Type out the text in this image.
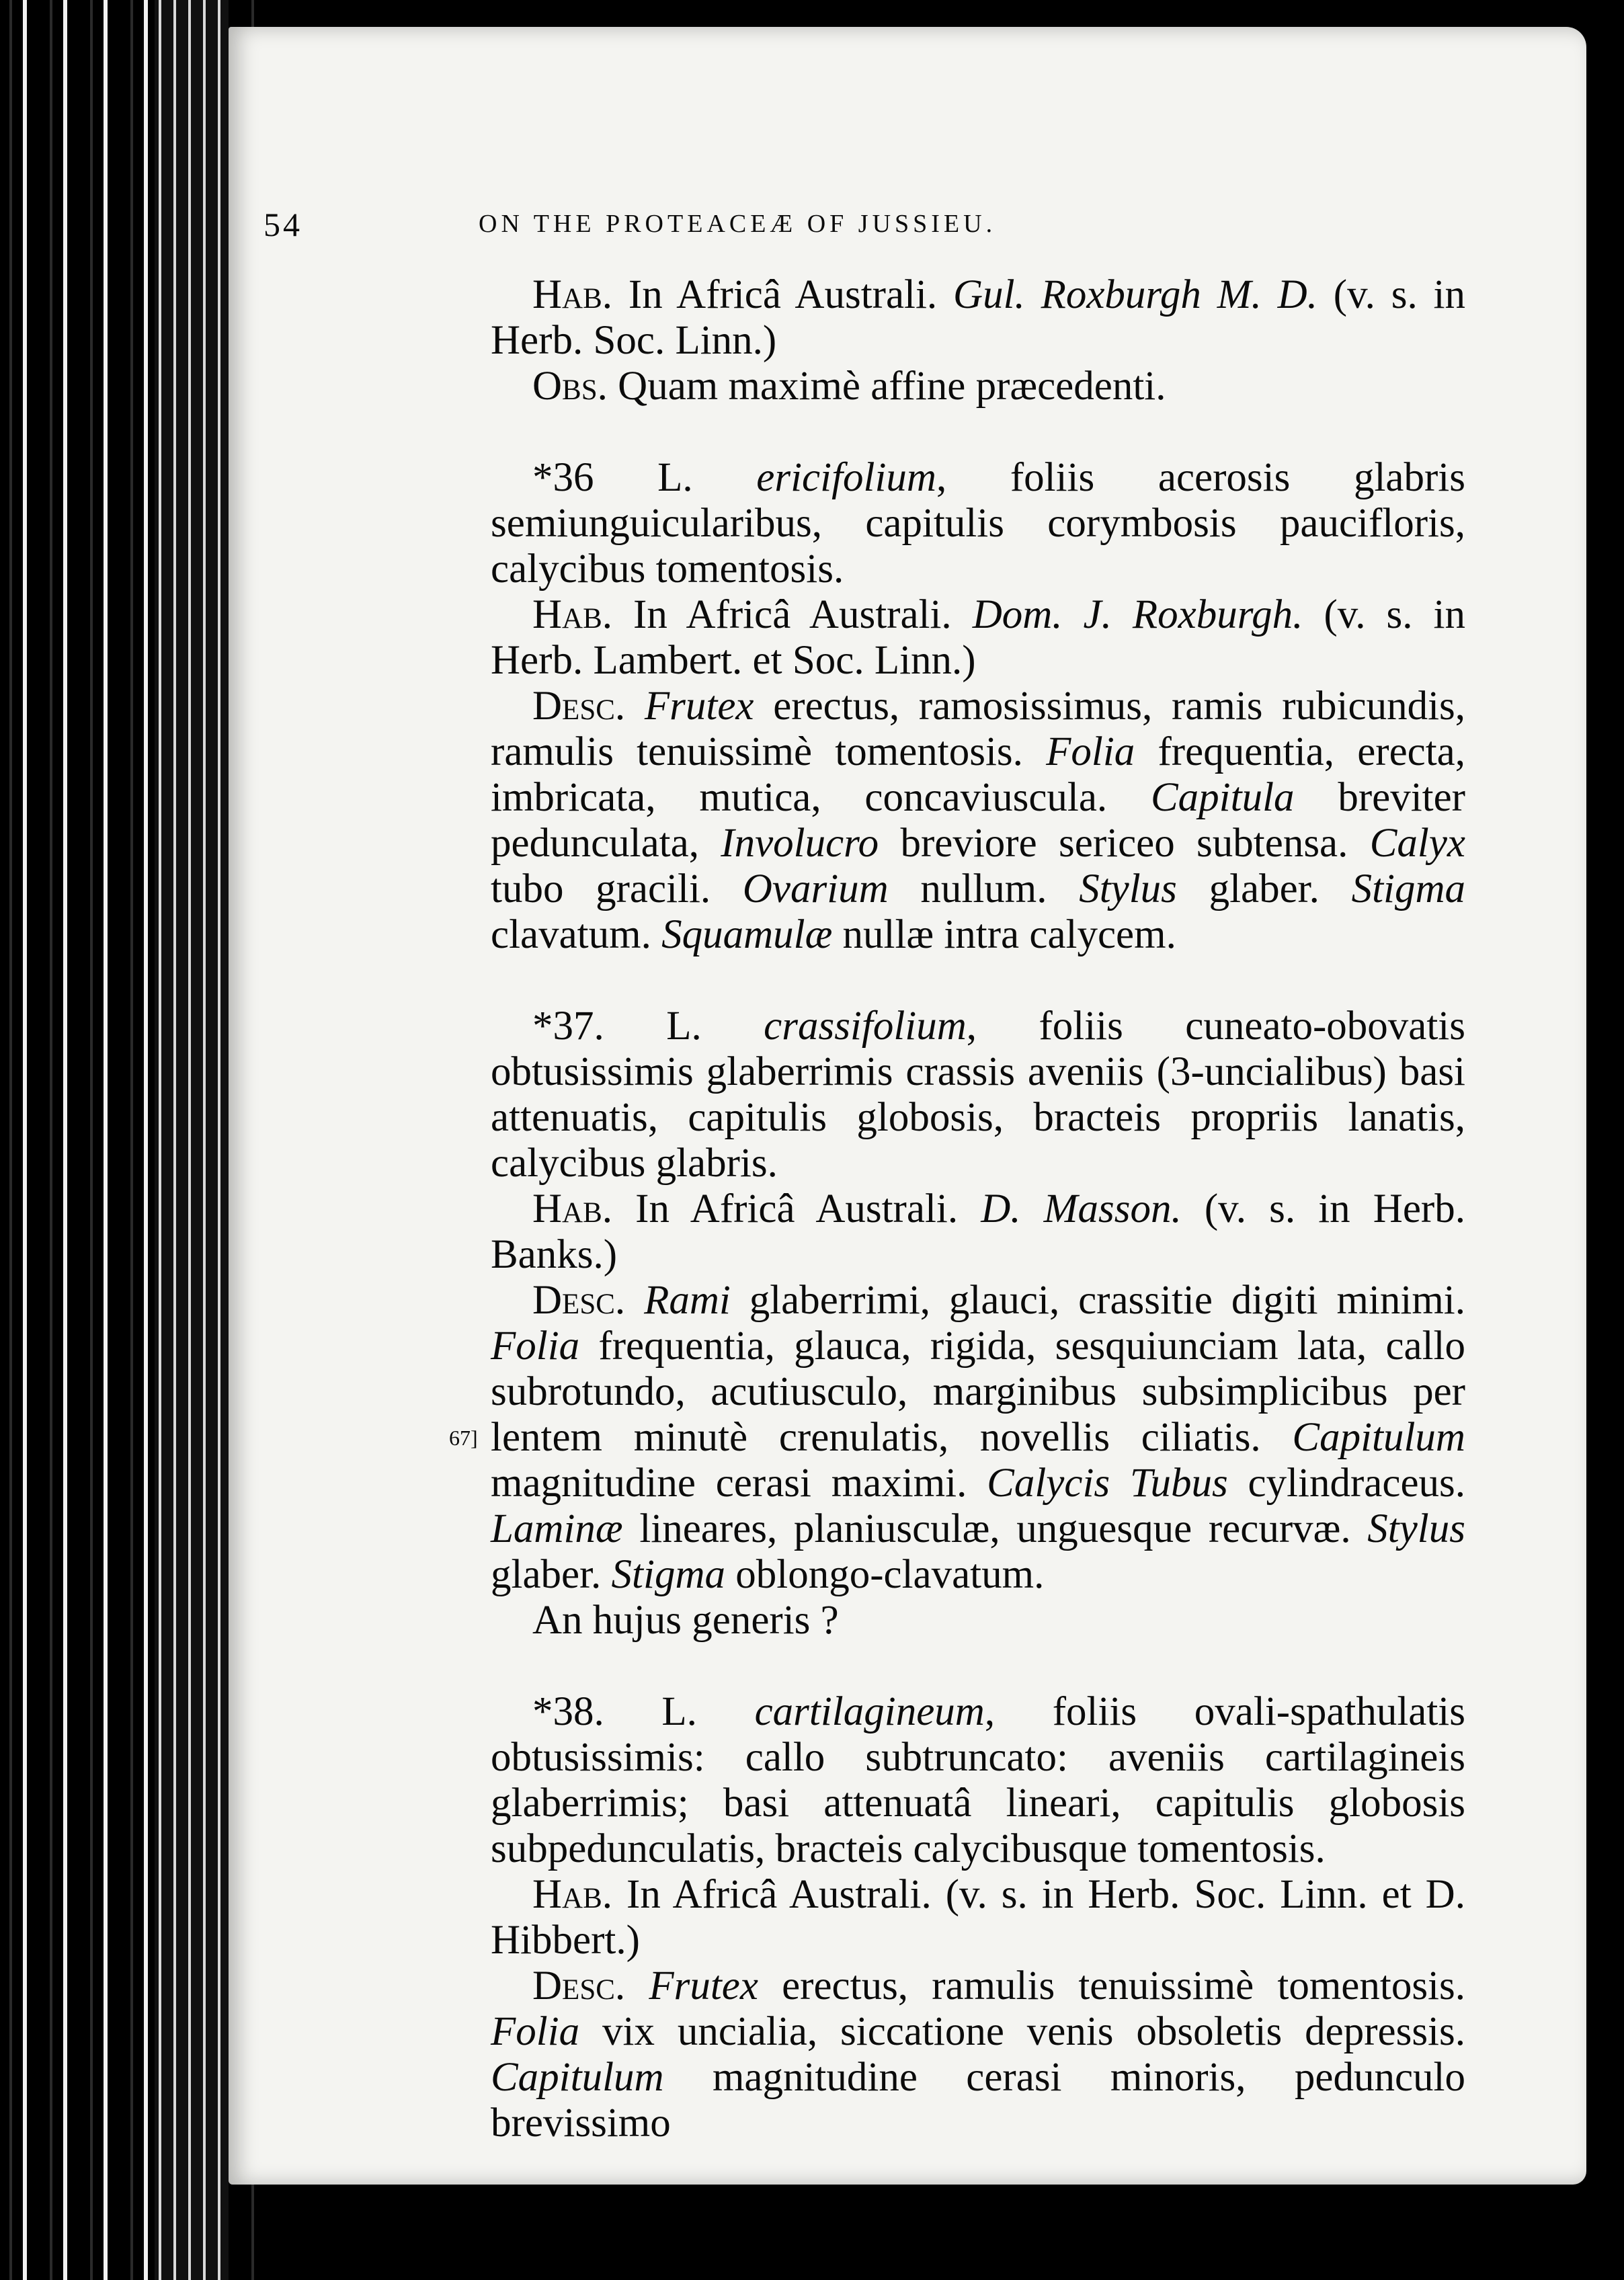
54	ON THE PROTEACEÆ OF JUSSIEU.
67]

Hab. In Africâ Australi. Gul. Roxburgh M. D. (v. s. in Herb. Soc. Linn.)

Obs. Quam maximè affine præcedenti.

*36 L. ericifolium, foliis acerosis glabris semiunguicularibus, capitulis corymbosis paucifloris, calycibus tomentosis.

Hab. In Africâ Australi. Dom. J. Roxburgh. (v. s. in Herb. Lambert. et Soc. Linn.)

Desc. Frutex erectus, ramosissimus, ramis rubicundis, ramulis tenuissimè tomentosis. Folia frequentia, erecta, imbricata, mutica, concaviuscula. Capitula breviter pedunculata, Involucro breviore sericeo subtensa. Calyx tubo gracili. Ovarium nullum. Stylus glaber. Stigma clavatum. Squamulæ nullæ intra calycem.

*37. L. crassifolium, foliis cuneato-obovatis obtusissimis glaberrimis crassis aveniis (3-uncialibus) basi attenuatis, capitulis globosis, bracteis propriis lanatis, calycibus glabris.

Hab. In Africâ Australi. D. Masson. (v. s. in Herb. Banks.)

Desc. Rami glaberrimi, glauci, crassitie digiti minimi. Folia frequentia, glauca, rigida, sesquiunciam lata, callo subrotundo, acutiusculo, marginibus subsimplicibus per lentem minutè crenulatis, novellis ciliatis. Capitulum magnitudine cerasi maximi. Calycis Tubus cylindraceus. Laminæ lineares, planiusculæ, unguesque recurvæ. Stylus glaber. Stigma oblongo-clavatum.

An hujus generis ?

*38. L. cartilagineum, foliis ovali-spathulatis obtusissimis: callo subtruncato: aveniis cartilagineis glaberrimis; basi attenuatâ lineari, capitulis globosis subpedunculatis, bracteis calycibusque tomentosis.

Hab. In Africâ Australi. (v. s. in Herb. Soc. Linn. et D. Hibbert.)

Desc. Frutex erectus, ramulis tenuissimè tomentosis. Folia vix uncialia, siccatione venis obsoletis depressis. Capitulum magnitudine cerasi minoris, pedunculo brevissimo
